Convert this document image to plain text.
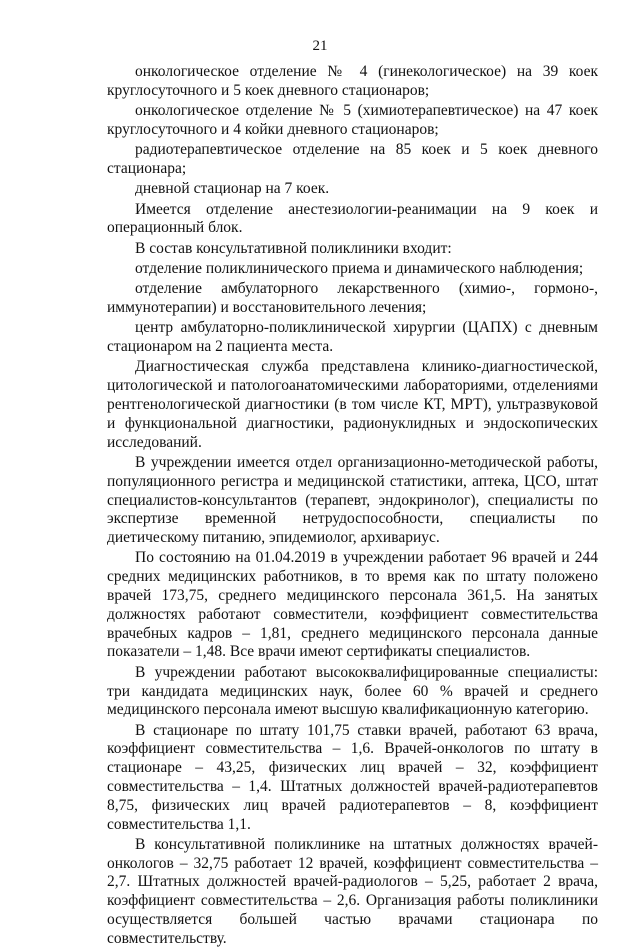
21

онкологическое отделение № 4 (гинекологическое) на 39 коек круглосуточного и 5 коек дневного стационаров;

онкологическое отделение № 5 (химиотерапевтическое) на 47 коек круглосуточного и 4 койки дневного стационаров;

радиотерапевтическое отделение на 85 коек и 5 коек дневного стационара;

дневной стационар на 7 коек.

Имеется отделение анестезиологии-реанимации на 9 коек и операционный блок.

В состав консультативной поликлиники входит:

отделение поликлинического приема и динамического наблюдения;

отделение амбулаторного лекарственного (химио-, гормоно-, иммунотерапии) и восстановительного лечения;

центр амбулаторно-поликлинической хирургии (ЦАПХ) с дневным стационаром на 2 пациента места.

Диагностическая служба представлена клинико-диагностической, цитологической и патологоанатомическими лабораториями, отделениями рентгенологической диагностики (в том числе КТ, МРТ), ультразвуковой и функциональной диагностики, радионуклидных и эндоскопических исследований.

В учреждении имеется отдел организационно-методической работы, популяционного регистра и медицинской статистики, аптека, ЦСО, штат специалистов-консультантов (терапевт, эндокринолог), специалисты по экспертизе временной нетрудоспособности, специалисты по диетическому питанию, эпидемиолог, архивариус.

По состоянию на 01.04.2019 в учреждении работает 96 врачей и 244 средних медицинских работников, в то время как по штату положено врачей 173,75, среднего медицинского персонала 361,5. На занятых должностях работают совместители, коэффициент совместительства врачебных кадров – 1,81, среднего медицинского персонала данные показатели – 1,48. Все врачи имеют сертификаты специалистов.

В учреждении работают высококвалифицированные специалисты: три кандидата медицинских наук, более 60 % врачей и среднего медицинского персонала имеют высшую квалификационную категорию.

В стационаре по штату 101,75 ставки врачей, работают 63 врача, коэффициент совместительства – 1,6. Врачей-онкологов по штату в стационаре – 43,25, физических лиц врачей – 32, коэффициент совместительства – 1,4. Штатных должностей врачей-радиотерапевтов 8,75, физических лиц врачей радиотерапевтов – 8, коэффициент совместительства 1,1.

В консультативной поликлинике на штатных должностях врачей-онкологов – 32,75 работает 12 врачей, коэффициент совместительства – 2,7. Штатных должностей врачей-радиологов – 5,25, работает 2 врача, коэффициент совместительства – 2,6. Организация работы поликлиники осуществляется большей частью врачами стационара по совместительству.
